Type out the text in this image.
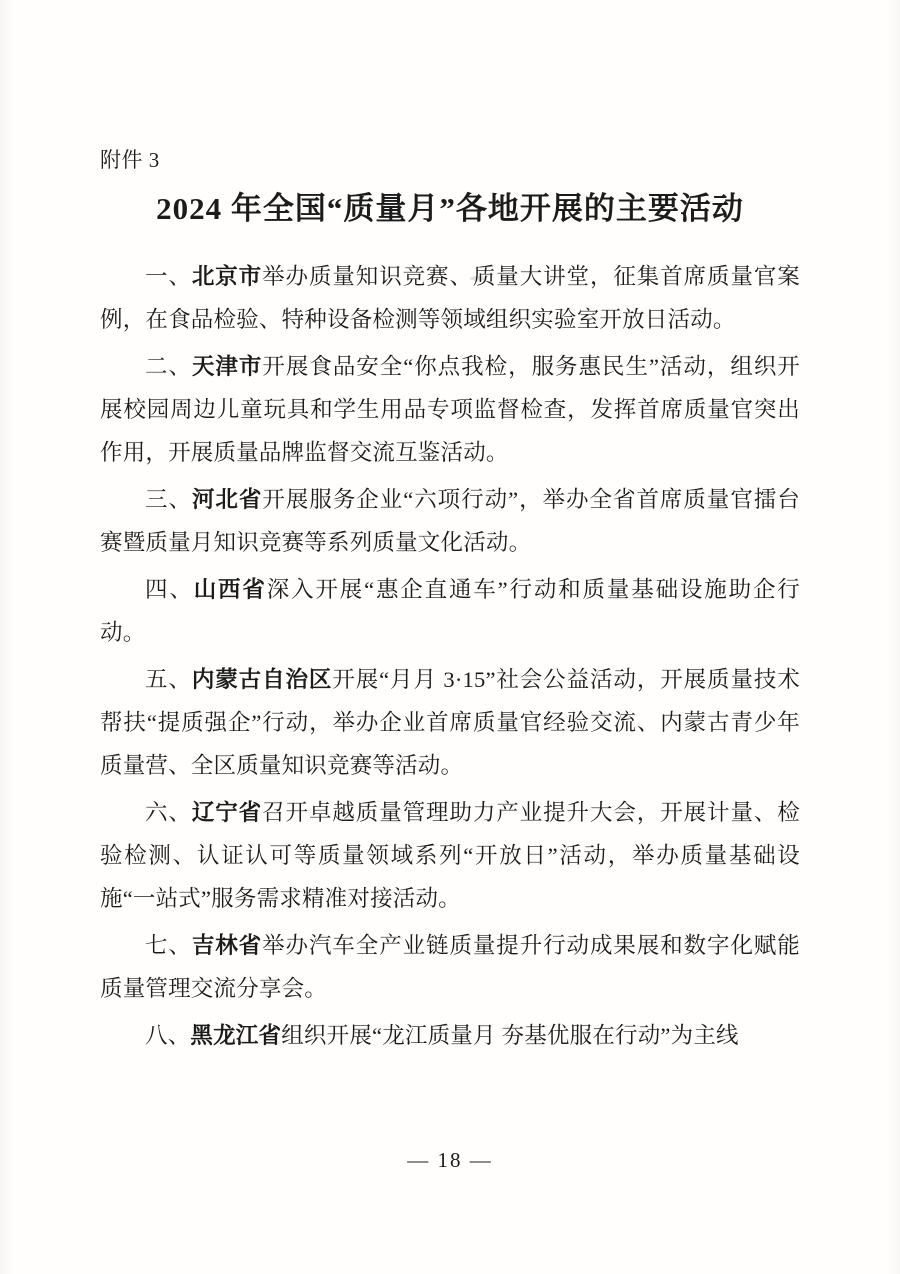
附件 3
2024 年全国“质量月”各地开展的主要活动

一、北京市举办质量知识竞赛、质量大讲堂，征集首席质量官案例，在食品检验、特种设备检测等领域组织实验室开放日活动。

二、天津市开展食品安全“你点我检，服务惠民生”活动，组织开展校园周边儿童玩具和学生用品专项监督检查，发挥首席质量官突出作用，开展质量品牌监督交流互鉴活动。

三、河北省开展服务企业“六项行动”，举办全省首席质量官擂台赛暨质量月知识竞赛等系列质量文化活动。

四、山西省深入开展“惠企直通车”行动和质量基础设施助企行动。

五、内蒙古自治区开展“月月 3·15”社会公益活动，开展质量技术帮扶“提质强企”行动，举办企业首席质量官经验交流、内蒙古青少年质量营、全区质量知识竞赛等活动。

六、辽宁省召开卓越质量管理助力产业提升大会，开展计量、检验检测、认证认可等质量领域系列“开放日”活动，举办质量基础设施“一站式”服务需求精准对接活动。

七、吉林省举办汽车全产业链质量提升行动成果展和数字化赋能质量管理交流分享会。

八、黑龙江省组织开展“龙江质量月 夯基优服在行动”为主线

— 18 —
